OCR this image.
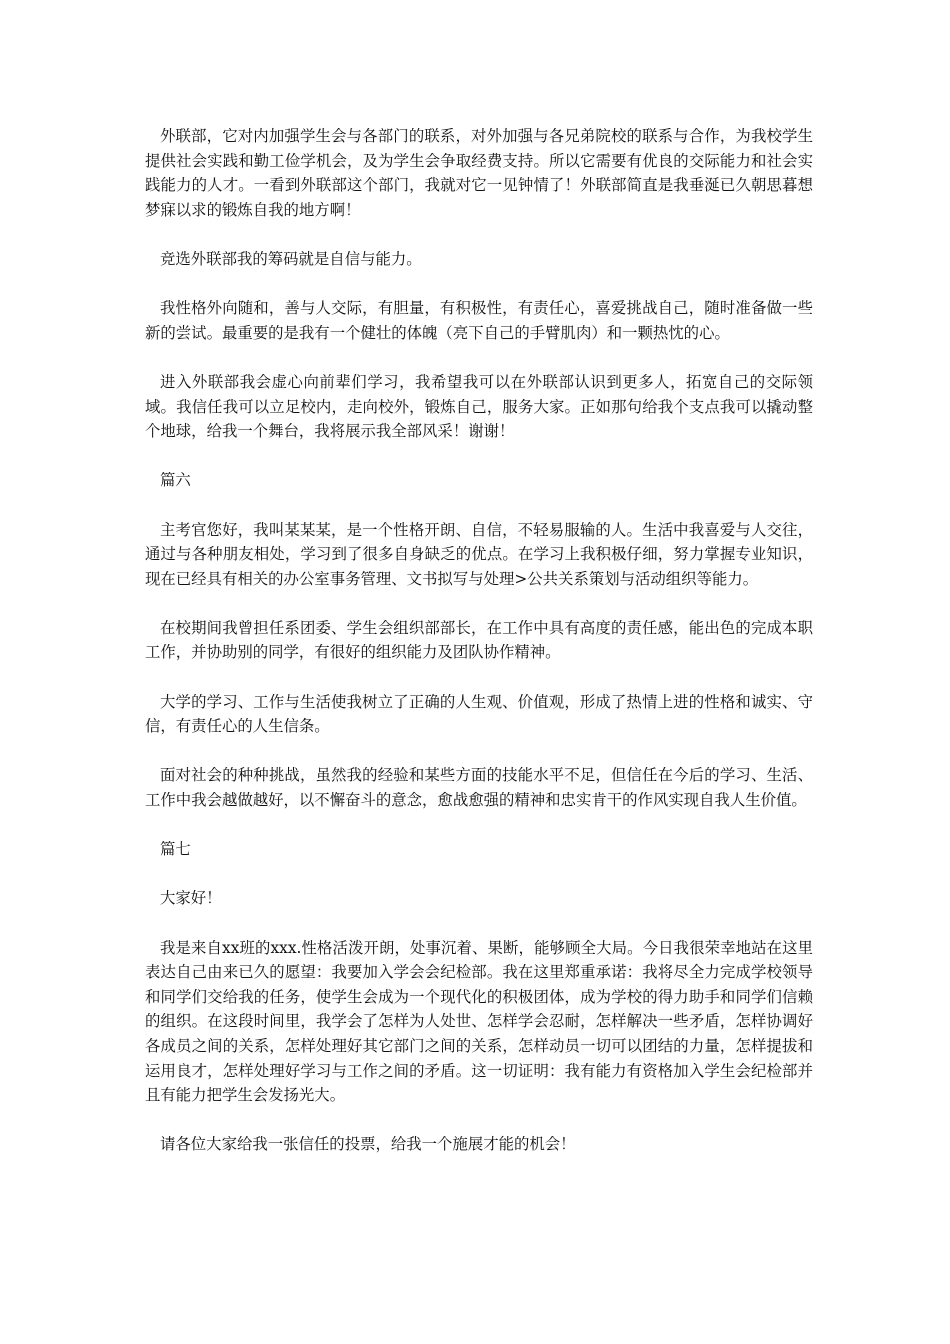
外联部，它对内加强学生会与各部门的联系，对外加强与各兄弟院校的联系与合作，为我校学生提供社会实践和勤工俭学机会，及为学生会争取经费支持。所以它需要有优良的交际能力和社会实践能力的人才。一看到外联部这个部门，我就对它一见钟情了！外联部简直是我垂涎已久朝思暮想梦寐以求的锻炼自我的地方啊！

竞选外联部我的筹码就是自信与能力。

我性格外向随和，善与人交际，有胆量，有积极性，有责任心，喜爱挑战自己，随时准备做一些新的尝试。最重要的是我有一个健壮的体魄（亮下自己的手臂肌肉）和一颗热忱的心。

进入外联部我会虚心向前辈们学习，我希望我可以在外联部认识到更多人，拓宽自己的交际领域。我信任我可以立足校内，走向校外，锻炼自己，服务大家。正如那句给我个支点我可以撬动整个地球，给我一个舞台，我将展示我全部风采！谢谢！

篇六

主考官您好，我叫某某某，是一个性格开朗、自信，不轻易服输的人。生活中我喜爱与人交往，通过与各种朋友相处，学习到了很多自身缺乏的优点。在学习上我积极仔细，努力掌握专业知识，现在已经具有相关的办公室事务管理、文书拟写与处理>公共关系策划与活动组织等能力。

在校期间我曾担任系团委、学生会组织部部长，在工作中具有高度的责任感，能出色的完成本职工作，并协助别的同学，有很好的组织能力及团队协作精神。

大学的学习、工作与生活使我树立了正确的人生观、价值观，形成了热情上进的性格和诚实、守信，有责任心的人生信条。

面对社会的种种挑战，虽然我的经验和某些方面的技能水平不足，但信任在今后的学习、生活、工作中我会越做越好，以不懈奋斗的意念，愈战愈强的精神和忠实肯干的作风实现自我人生价值。

篇七

大家好！

我是来自xx班的xxx.性格活泼开朗，处事沉着、果断，能够顾全大局。今日我很荣幸地站在这里表达自己由来已久的愿望：我要加入学会会纪检部。我在这里郑重承诺：我将尽全力完成学校领导和同学们交给我的任务，使学生会成为一个现代化的积极团体，成为学校的得力助手和同学们信赖的组织。在这段时间里，我学会了怎样为人处世、怎样学会忍耐，怎样解决一些矛盾，怎样协调好各成员之间的关系，怎样处理好其它部门之间的关系，怎样动员一切可以团结的力量，怎样提拔和运用良才，怎样处理好学习与工作之间的矛盾。这一切证明：我有能力有资格加入学生会纪检部并且有能力把学生会发扬光大。

请各位大家给我一张信任的投票，给我一个施展才能的机会！
